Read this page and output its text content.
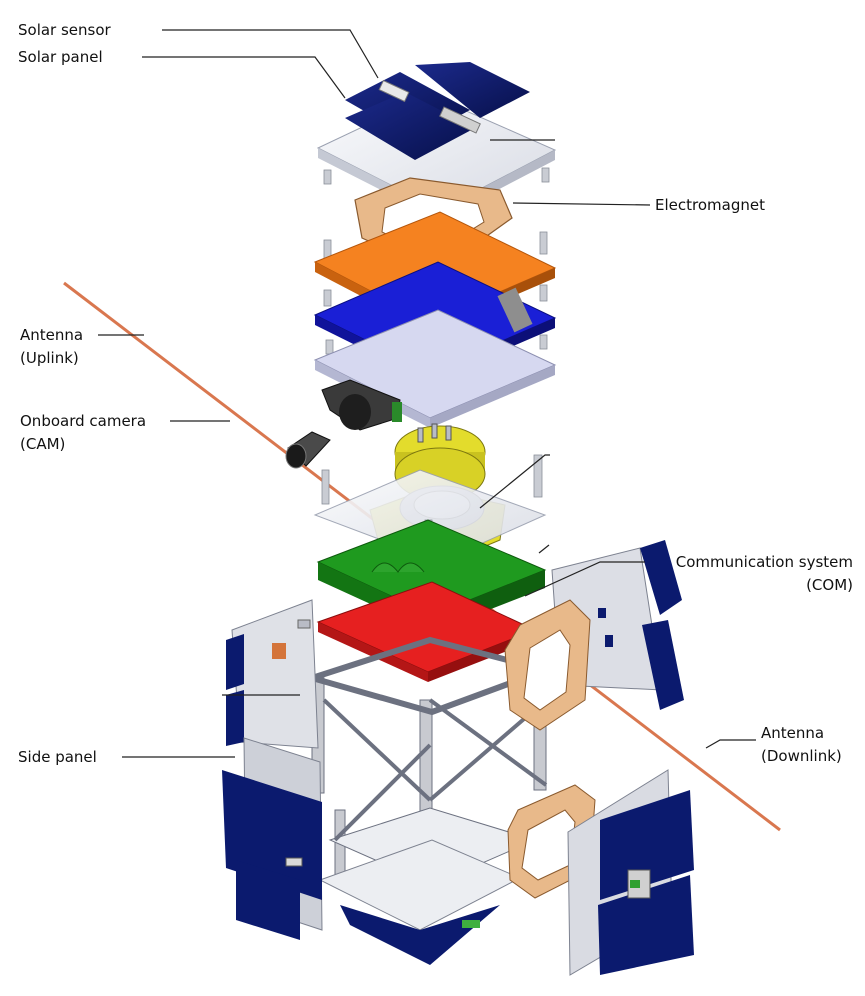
Solar sensor
Solar panel
Electromagnet
Antenna
(Uplink)
Onboard camera
(CAM)
Communication system
(COM)
Side panel
Antenna
(Downlink)
